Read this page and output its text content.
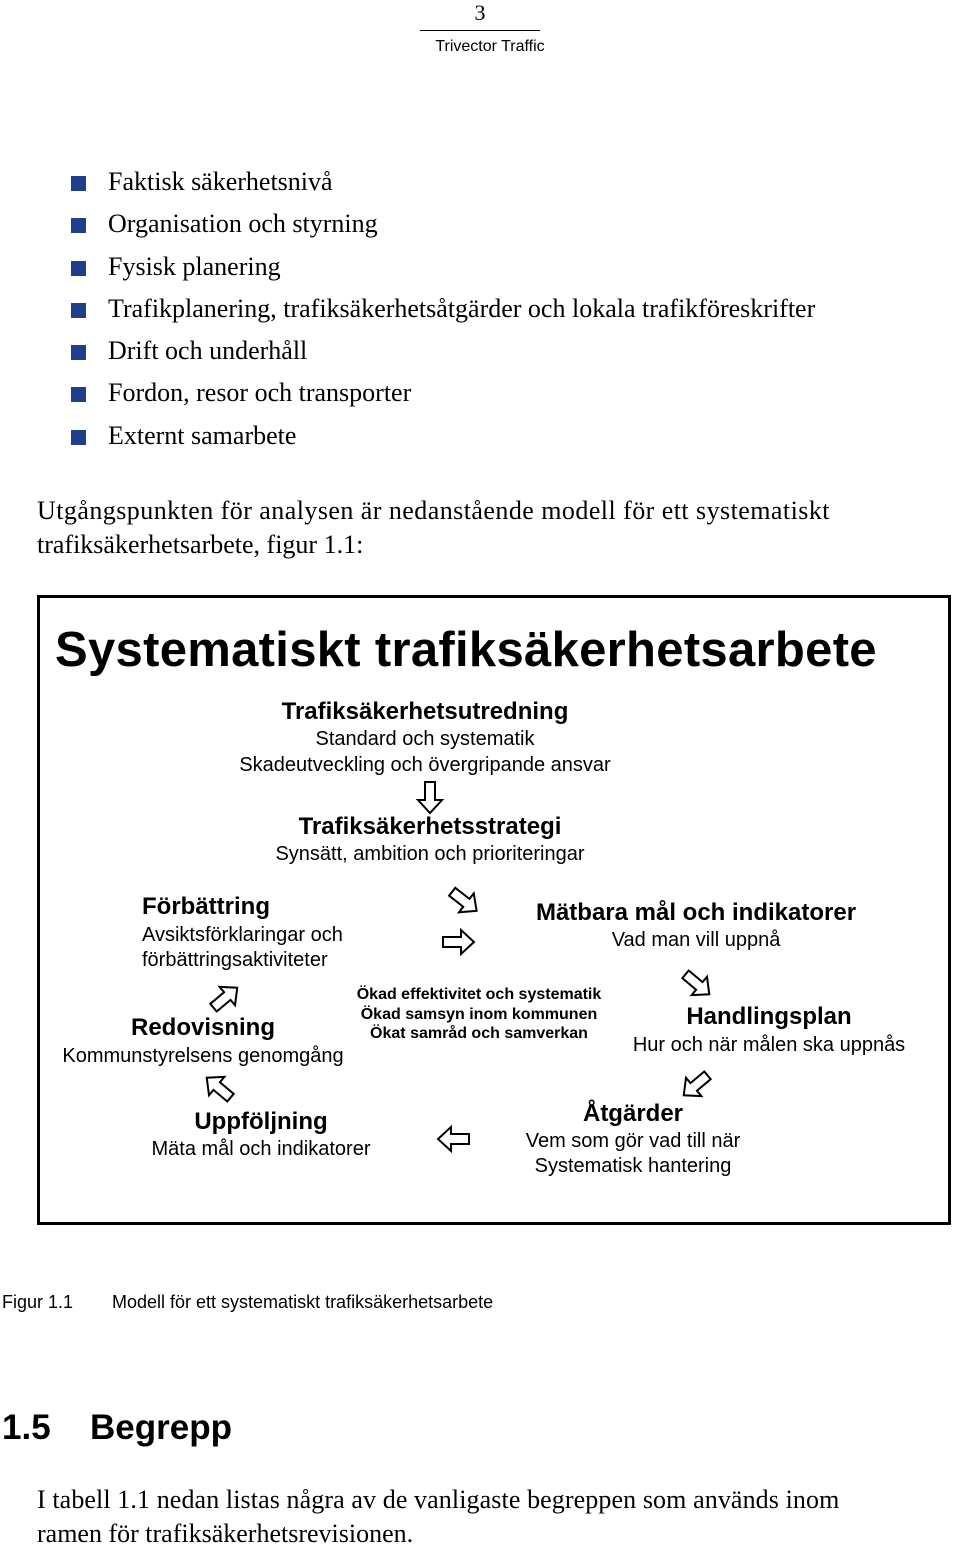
3
Trivector Traffic
Faktisk säkerhetsnivå
Organisation och styrning
Fysisk planering
Trafikplanering, trafiksäkerhetsåtgärder och lokala trafikföreskrifter
Drift och underhåll
Fordon, resor och transporter
Externt samarbete
Utgångspunkten för analysen är nedanstående modell för ett systematiskt
trafiksäkerhetsarbete, figur 1.1:
Systematiskt trafiksäkerhetsarbete
Trafiksäkerhetsutredning
Standard och systematik
Skadeutveckling och övergripande ansvar
Trafiksäkerhetsstrategi
Synsätt, ambition och prioriteringar
Förbättring
Avsiktsförklaringar och
förbättringsaktiviteter
Mätbara mål och indikatorer
Vad man vill uppnå
Ökad effektivitet och systematik
Ökad samsyn inom kommunen
Ökat samråd och samverkan
Redovisning
Kommunstyrelsens genomgång
Handlingsplan
Hur och när målen ska uppnås
Uppföljning
Mäta mål och indikatorer
Åtgärder
Vem som gör vad till när
Systematisk hantering
Figur 1.1 Modell för ett systematiskt trafiksäkerhetsarbete
1.5 Begrepp
I tabell 1.1 nedan listas några av de vanligaste begreppen som används inom
ramen för trafiksäkerhetsrevisionen.
